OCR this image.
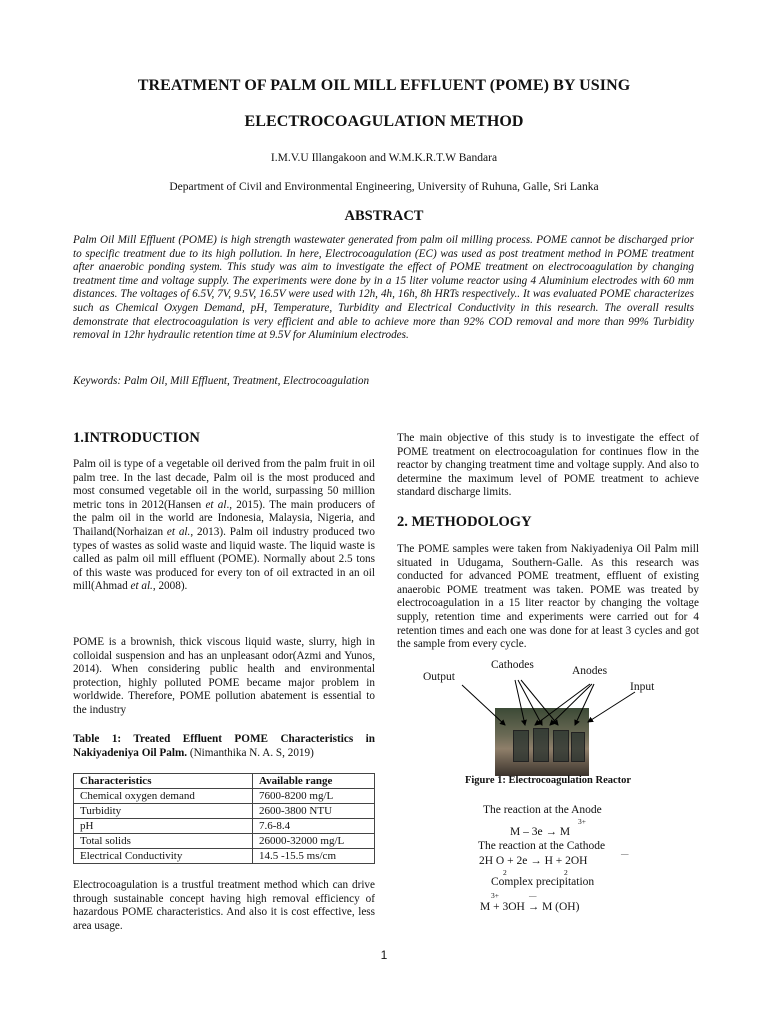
TREATMENT OF PALM OIL MILL EFFLUENT (POME) BY USING
ELECTROCOAGULATION METHOD
I.M.V.U Illangakoon and W.M.K.R.T.W Bandara
Department of Civil and Environmental Engineering, University of Ruhuna, Galle, Sri Lanka
ABSTRACT
Palm Oil Mill Effluent (POME) is high strength wastewater generated from palm oil milling process. POME cannot be discharged prior to specific treatment due to its high pollution. In here, Electrocoagulation (EC) was used as post treatment method in POME treatment after anaerobic ponding system. This study was aim to investigate the effect of POME treatment on electrocoagulation by changing treatment time and voltage supply. The experiments were done by in a 15 liter volume reactor using 4 Aluminium electrodes with 60 mm distances. The voltages of 6.5V, 7V, 9.5V, 16.5V were used with 12h, 4h, 16h, 8h HRTs respectively.. It was evaluated POME characterizes such as Chemical Oxygen Demand, pH, Temperature, Turbidity and Electrical Conductivity in this research. The overall results demonstrate that electrocoagulation is very efficient and able to achieve more than 92% COD removal and more than 99% Turbidity removal in 12hr hydraulic retention time at 9.5V for Aluminium electrodes.
Keywords: Palm Oil, Mill Effluent, Treatment, Electrocoagulation
1.INTRODUCTION

Palm oil is type of a vegetable oil derived from the palm fruit in oil palm tree. In the last decade, Palm oil is the most produced and most consumed vegetable oil in the world, surpassing 50 million metric tons in 2012(Hansen et al., 2015). The main producers of the palm oil in the world are Indonesia, Malaysia, Nigeria, and Thailand(Norhaizan et al., 2013). Palm oil industry produced two types of wastes as solid waste and liquid waste. The liquid waste is called as palm oil mill effluent (POME). Normally about 2.5 tons of this waste was produced for every ton of oil extracted in an oil mill(Ahmad et al., 2008).

POME is a brownish, thick viscous liquid waste, slurry, high in colloidal suspension and has an unpleasant odor(Azmi and Yunos, 2014). When considering public health and environmental protection, highly polluted POME became major problem in worldwide. Therefore, POME pollution abatement is essential to the industry
Table 1: Treated Effluent POME Characteristics in Nakiyadeniya Oil Palm. (Nimanthika N. A. S, 2019)
Characteristics	Available range
Chemical oxygen demand	7600-8200 mg/L
Turbidity	2600-3800 NTU
pH	7.6-8.4
Total solids	26000-32000 mg/L
Electrical Conductivity	14.5 -15.5 ms/cm
Electrocoagulation is a trustful treatment method which can drive through sustainable concept having high removal efficiency of hazardous POME characteristics. And also it is cost effective, less area usage.
The main objective of this study is to investigate the effect of POME treatment on electrocoagulation for continues flow in the reactor by changing treatment time and voltage supply. And also to determine the maximum level of POME treatment to achieve standard discharge limits.
2. METHODOLOGY
The POME samples were taken from Nakiyadeniya Oil Palm mill situated in Udugama, Southern-Galle. As this research was conducted for advanced POME treatment, effluent of existing anaerobic POME treatment was taken. POME was treated by electrocoagulation in a 15 liter reactor by changing the voltage supply, retention time and experiments were carried out for 4 retention times and each one was done for at least 3 cycles and got the sample from every cycle.
Cathodes	Anodes
Output
Input
Figure 1: Electrocoagulation Reactor
The reaction at the Anode
3+
M – 3e → M
The reaction at the Cathode
2H O + 2e → H + 2OH
—
2	2
Complex precipitation
3+	—
M + 3OH → M (OH)
1
